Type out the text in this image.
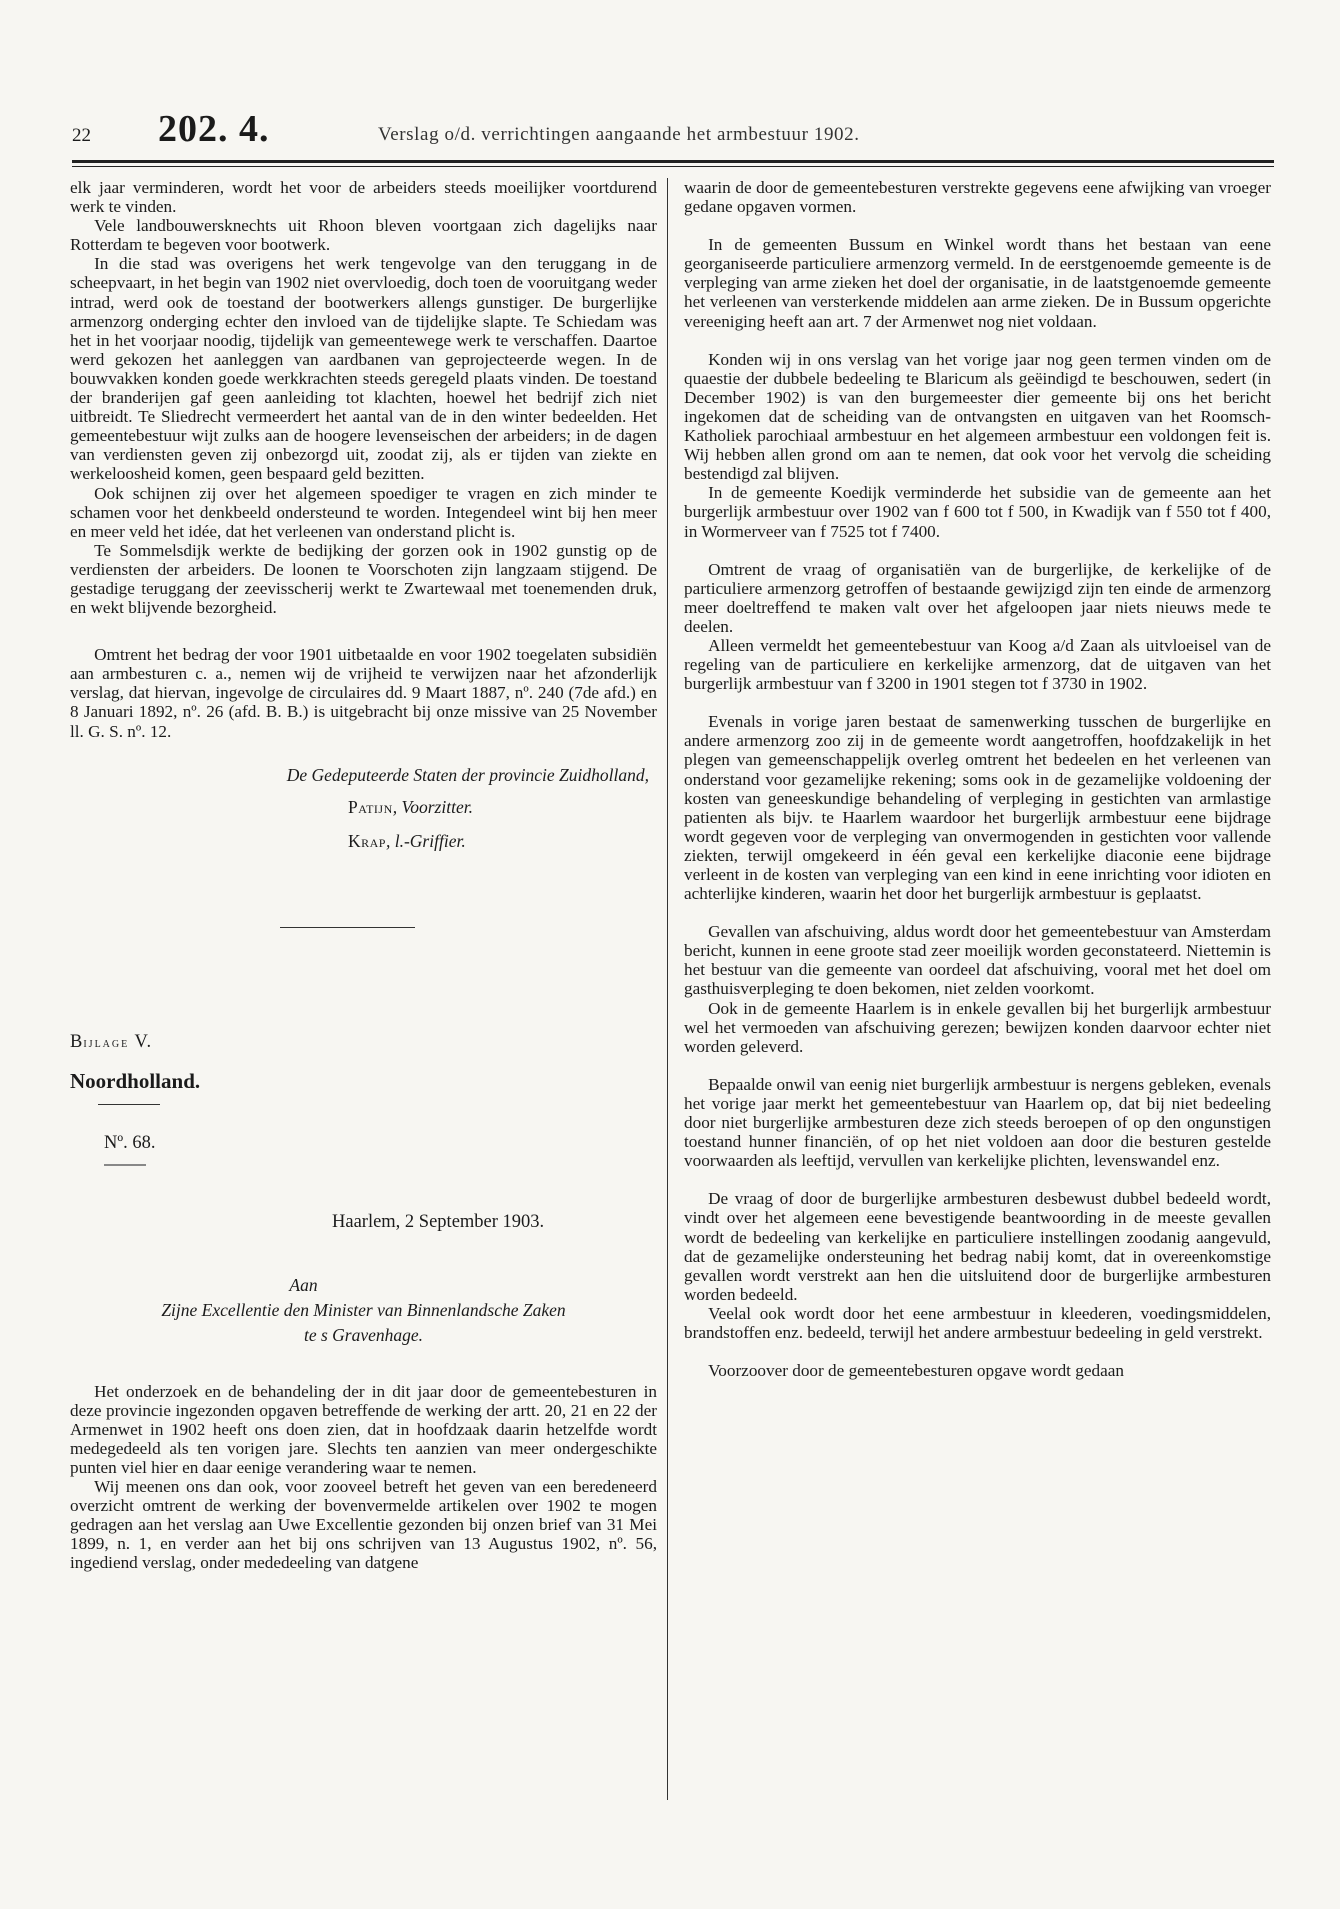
22 202. 4.	Verslag o/d. verrichtingen aangaande het armbestuur 1902.

elk jaar verminderen, wordt het voor de arbeiders steeds moeilijker voortdurend werk te vinden.

Vele landbouwersknechts uit Rhoon bleven voortgaan zich dagelijks naar Rotterdam te begeven voor bootwerk.

In die stad was overigens het werk tengevolge van den teruggang in de scheepvaart, in het begin van 1902 niet overvloedig, doch toen de vooruitgang weder intrad, werd ook de toestand der bootwerkers allengs gunstiger. De burgerlijke armenzorg onderging echter den invloed van de tijdelijke slapte. Te Schiedam was het in het voorjaar noodig, tijdelijk van gemeentewege werk te verschaffen. Daartoe werd gekozen het aanleggen van aardbanen van geprojecteerde wegen. In de bouwvakken konden goede werkkrachten steeds geregeld plaats vinden. De toestand der branderijen gaf geen aanleiding tot klachten, hoewel het bedrijf zich niet uitbreidt. Te Sliedrecht vermeerdert het aantal van de in den winter bedeelden. Het gemeentebestuur wijt zulks aan de hoogere levenseischen der arbeiders; in de dagen van verdiensten geven zij onbezorgd uit, zoodat zij, als er tijden van ziekte en werkeloosheid komen, geen bespaard geld bezitten.

Ook schijnen zij over het algemeen spoediger te vragen en zich minder te schamen voor het denkbeeld ondersteund te worden. Integendeel wint bij hen meer en meer veld het idée, dat het verleenen van onderstand plicht is.

Te Sommelsdijk werkte de bedijking der gorzen ook in 1902 gunstig op de verdiensten der arbeiders. De loonen te Voorschoten zijn langzaam stijgend. De gestadige teruggang der zeevisscherij werkt te Zwartewaal met toenemenden druk, en wekt blijvende bezorgheid.

Omtrent het bedrag der voor 1901 uitbetaalde en voor 1902 toegelaten subsidiën aan armbesturen c. a., nemen wij de vrijheid te verwijzen naar het afzonderlijk verslag, dat hiervan, ingevolge de circulaires dd. 9 Maart 1887, nº. 240 (7de afd.) en 8 Januari 1892, nº. 26 (afd. B. B.) is uitgebracht bij onze missive van 25 November ll. G. S. nº. 12.

De Gedeputeerde Staten der provincie Zuidholland,
Patijn, Voorzitter.
Krap, l.-Griffier.
Bijlage V.
Noordholland.
Nº. 68.
Haarlem, 2 September 1903.
Aan
Zijne Excellentie den Minister van Binnenlandsche Zaken
te s Gravenhage.

Het onderzoek en de behandeling der in dit jaar door de gemeentebesturen in deze provincie ingezonden opgaven betreffende de werking der artt. 20, 21 en 22 der Armenwet in 1902 heeft ons doen zien, dat in hoofdzaak daarin hetzelfde wordt medegedeeld als ten vorigen jare. Slechts ten aanzien van meer ondergeschikte punten viel hier en daar eenige verandering waar te nemen.

Wij meenen ons dan ook, voor zooveel betreft het geven van een beredeneerd overzicht omtrent de werking der bovenvermelde artikelen over 1902 te mogen gedragen aan het verslag aan Uwe Excellentie gezonden bij onzen brief van 31 Mei 1899, n. 1, en verder aan het bij ons schrijven van 13 Augustus 1902, nº. 56, ingediend verslag, onder mededeeling van datgene

waarin de door de gemeentebesturen verstrekte gegevens eene afwijking van vroeger gedane opgaven vormen.

In de gemeenten Bussum en Winkel wordt thans het bestaan van eene georganiseerde particuliere armenzorg vermeld. In de eerstgenoemde gemeente is de verpleging van arme zieken het doel der organisatie, in de laatstgenoemde gemeente het verleenen van versterkende middelen aan arme zieken. De in Bussum opgerichte vereeniging heeft aan art. 7 der Armenwet nog niet voldaan.

Konden wij in ons verslag van het vorige jaar nog geen termen vinden om de quaestie der dubbele bedeeling te Blaricum als geëindigd te beschouwen, sedert (in December 1902) is van den burgemeester dier gemeente bij ons het bericht ingekomen dat de scheiding van de ontvangsten en uitgaven van het Roomsch-Katholiek parochiaal armbestuur en het algemeen armbestuur een voldongen feit is. Wij hebben allen grond om aan te nemen, dat ook voor het vervolg die scheiding bestendigd zal blijven.

In de gemeente Koedijk verminderde het subsidie van de gemeente aan het burgerlijk armbestuur over 1902 van f 600 tot f 500, in Kwadijk van f 550 tot f 400, in Wormerveer van f 7525 tot f 7400.

Omtrent de vraag of organisatiën van de burgerlijke, de kerkelijke of de particuliere armenzorg getroffen of bestaande gewijzigd zijn ten einde de armenzorg meer doeltreffend te maken valt over het afgeloopen jaar niets nieuws mede te deelen.

Alleen vermeldt het gemeentebestuur van Koog a/d Zaan als uitvloeisel van de regeling van de particuliere en kerkelijke armenzorg, dat de uitgaven van het burgerlijk armbestuur van f 3200 in 1901 stegen tot f 3730 in 1902.

Evenals in vorige jaren bestaat de samenwerking tusschen de burgerlijke en andere armenzorg zoo zij in de gemeente wordt aangetroffen, hoofdzakelijk in het plegen van gemeenschappelijk overleg omtrent het bedeelen en het verleenen van onderstand voor gezamelijke rekening; soms ook in de gezamelijke voldoening der kosten van geneeskundige behandeling of verpleging in gestichten van armlastige patienten als bijv. te Haarlem waardoor het burgerlijk armbestuur eene bijdrage wordt gegeven voor de verpleging van onvermogenden in gestichten voor vallende ziekten, terwijl omgekeerd in één geval een kerkelijke diaconie eene bijdrage verleent in de kosten van verpleging van een kind in eene inrichting voor idioten en achterlijke kinderen, waarin het door het burgerlijk armbestuur is geplaatst.

Gevallen van afschuiving, aldus wordt door het gemeentebestuur van Amsterdam bericht, kunnen in eene groote stad zeer moeilijk worden geconstateerd. Niettemin is het bestuur van die gemeente van oordeel dat afschuiving, vooral met het doel om gasthuisverpleging te doen bekomen, niet zelden voorkomt.

Ook in de gemeente Haarlem is in enkele gevallen bij het burgerlijk armbestuur wel het vermoeden van afschuiving gerezen; bewijzen konden daarvoor echter niet worden geleverd.

Bepaalde onwil van eenig niet burgerlijk armbestuur is nergens gebleken, evenals het vorige jaar merkt het gemeentebestuur van Haarlem op, dat bij niet bedeeling door niet burgerlijke armbesturen deze zich steeds beroepen of op den ongunstigen toestand hunner financiën, of op het niet voldoen aan door die besturen gestelde voorwaarden als leeftijd, vervullen van kerkelijke plichten, levenswandel enz.

De vraag of door de burgerlijke armbesturen desbewust dubbel bedeeld wordt, vindt over het algemeen eene bevestigende beantwoording in de meeste gevallen wordt de bedeeling van kerkelijke en particuliere instellingen zoodanig aangevuld, dat de gezamelijke ondersteuning het bedrag nabij komt, dat in overeenkomstige gevallen wordt verstrekt aan hen die uitsluitend door de burgerlijke armbesturen worden bedeeld.

Veelal ook wordt door het eene armbestuur in kleederen, voedingsmiddelen, brandstoffen enz. bedeeld, terwijl het andere armbestuur bedeeling in geld verstrekt.

Voorzoover door de gemeentebesturen opgave wordt gedaan
